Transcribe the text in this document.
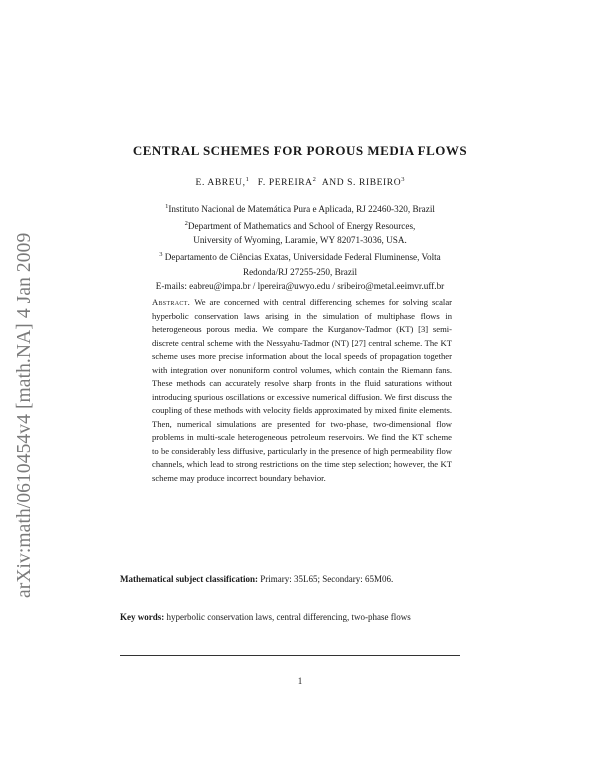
arXiv:math/0610454v4 [math.NA] 4 Jan 2009
CENTRAL SCHEMES FOR POROUS MEDIA FLOWS
E. ABREU,$^1$ F. PEREIRA$^2$ AND S. RIBEIRO$^3$
$^1$Instituto Nacional de Matemática Pura e Aplicada, RJ 22460-320, Brazil
$^2$Department of Mathematics and School of Energy Resources,
University of Wyoming, Laramie, WY 82071-3036, USA.
$^3$ Departamento de Ciências Exatas, Universidade Federal Fluminense, Volta
Redonda/RJ 27255-250, Brazil
E-mails: eabreu@impa.br / lpereira@uwyo.edu / sribeiro@metal.eeimvr.uff.br
Abstract. We are concerned with central differencing schemes for solving scalar hyperbolic conservation laws arising in the simulation of multiphase flows in heterogeneous porous media. We compare the Kurganov-Tadmor (KT) [3] semi-discrete central scheme with the Nessyahu-Tadmor (NT) [27] central scheme. The KT scheme uses more precise information about the local speeds of propagation together with integration over nonuniform control volumes, which contain the Riemann fans. These methods can accurately resolve sharp fronts in the fluid saturations without introducing spurious oscillations or excessive numerical diffusion. We first discuss the coupling of these methods with velocity fields approximated by mixed finite elements. Then, numerical simulations are presented for two-phase, two-dimensional flow problems in multi-scale heterogeneous petroleum reservoirs. We find the KT scheme to be considerably less diffusive, particularly in the presence of high permeability flow channels, which lead to strong restrictions on the time step selection; however, the KT scheme may produce incorrect boundary behavior.
Mathematical subject classification: Primary: 35L65; Secondary: 65M06.
Key words: hyperbolic conservation laws, central differencing, two-phase flows
1
